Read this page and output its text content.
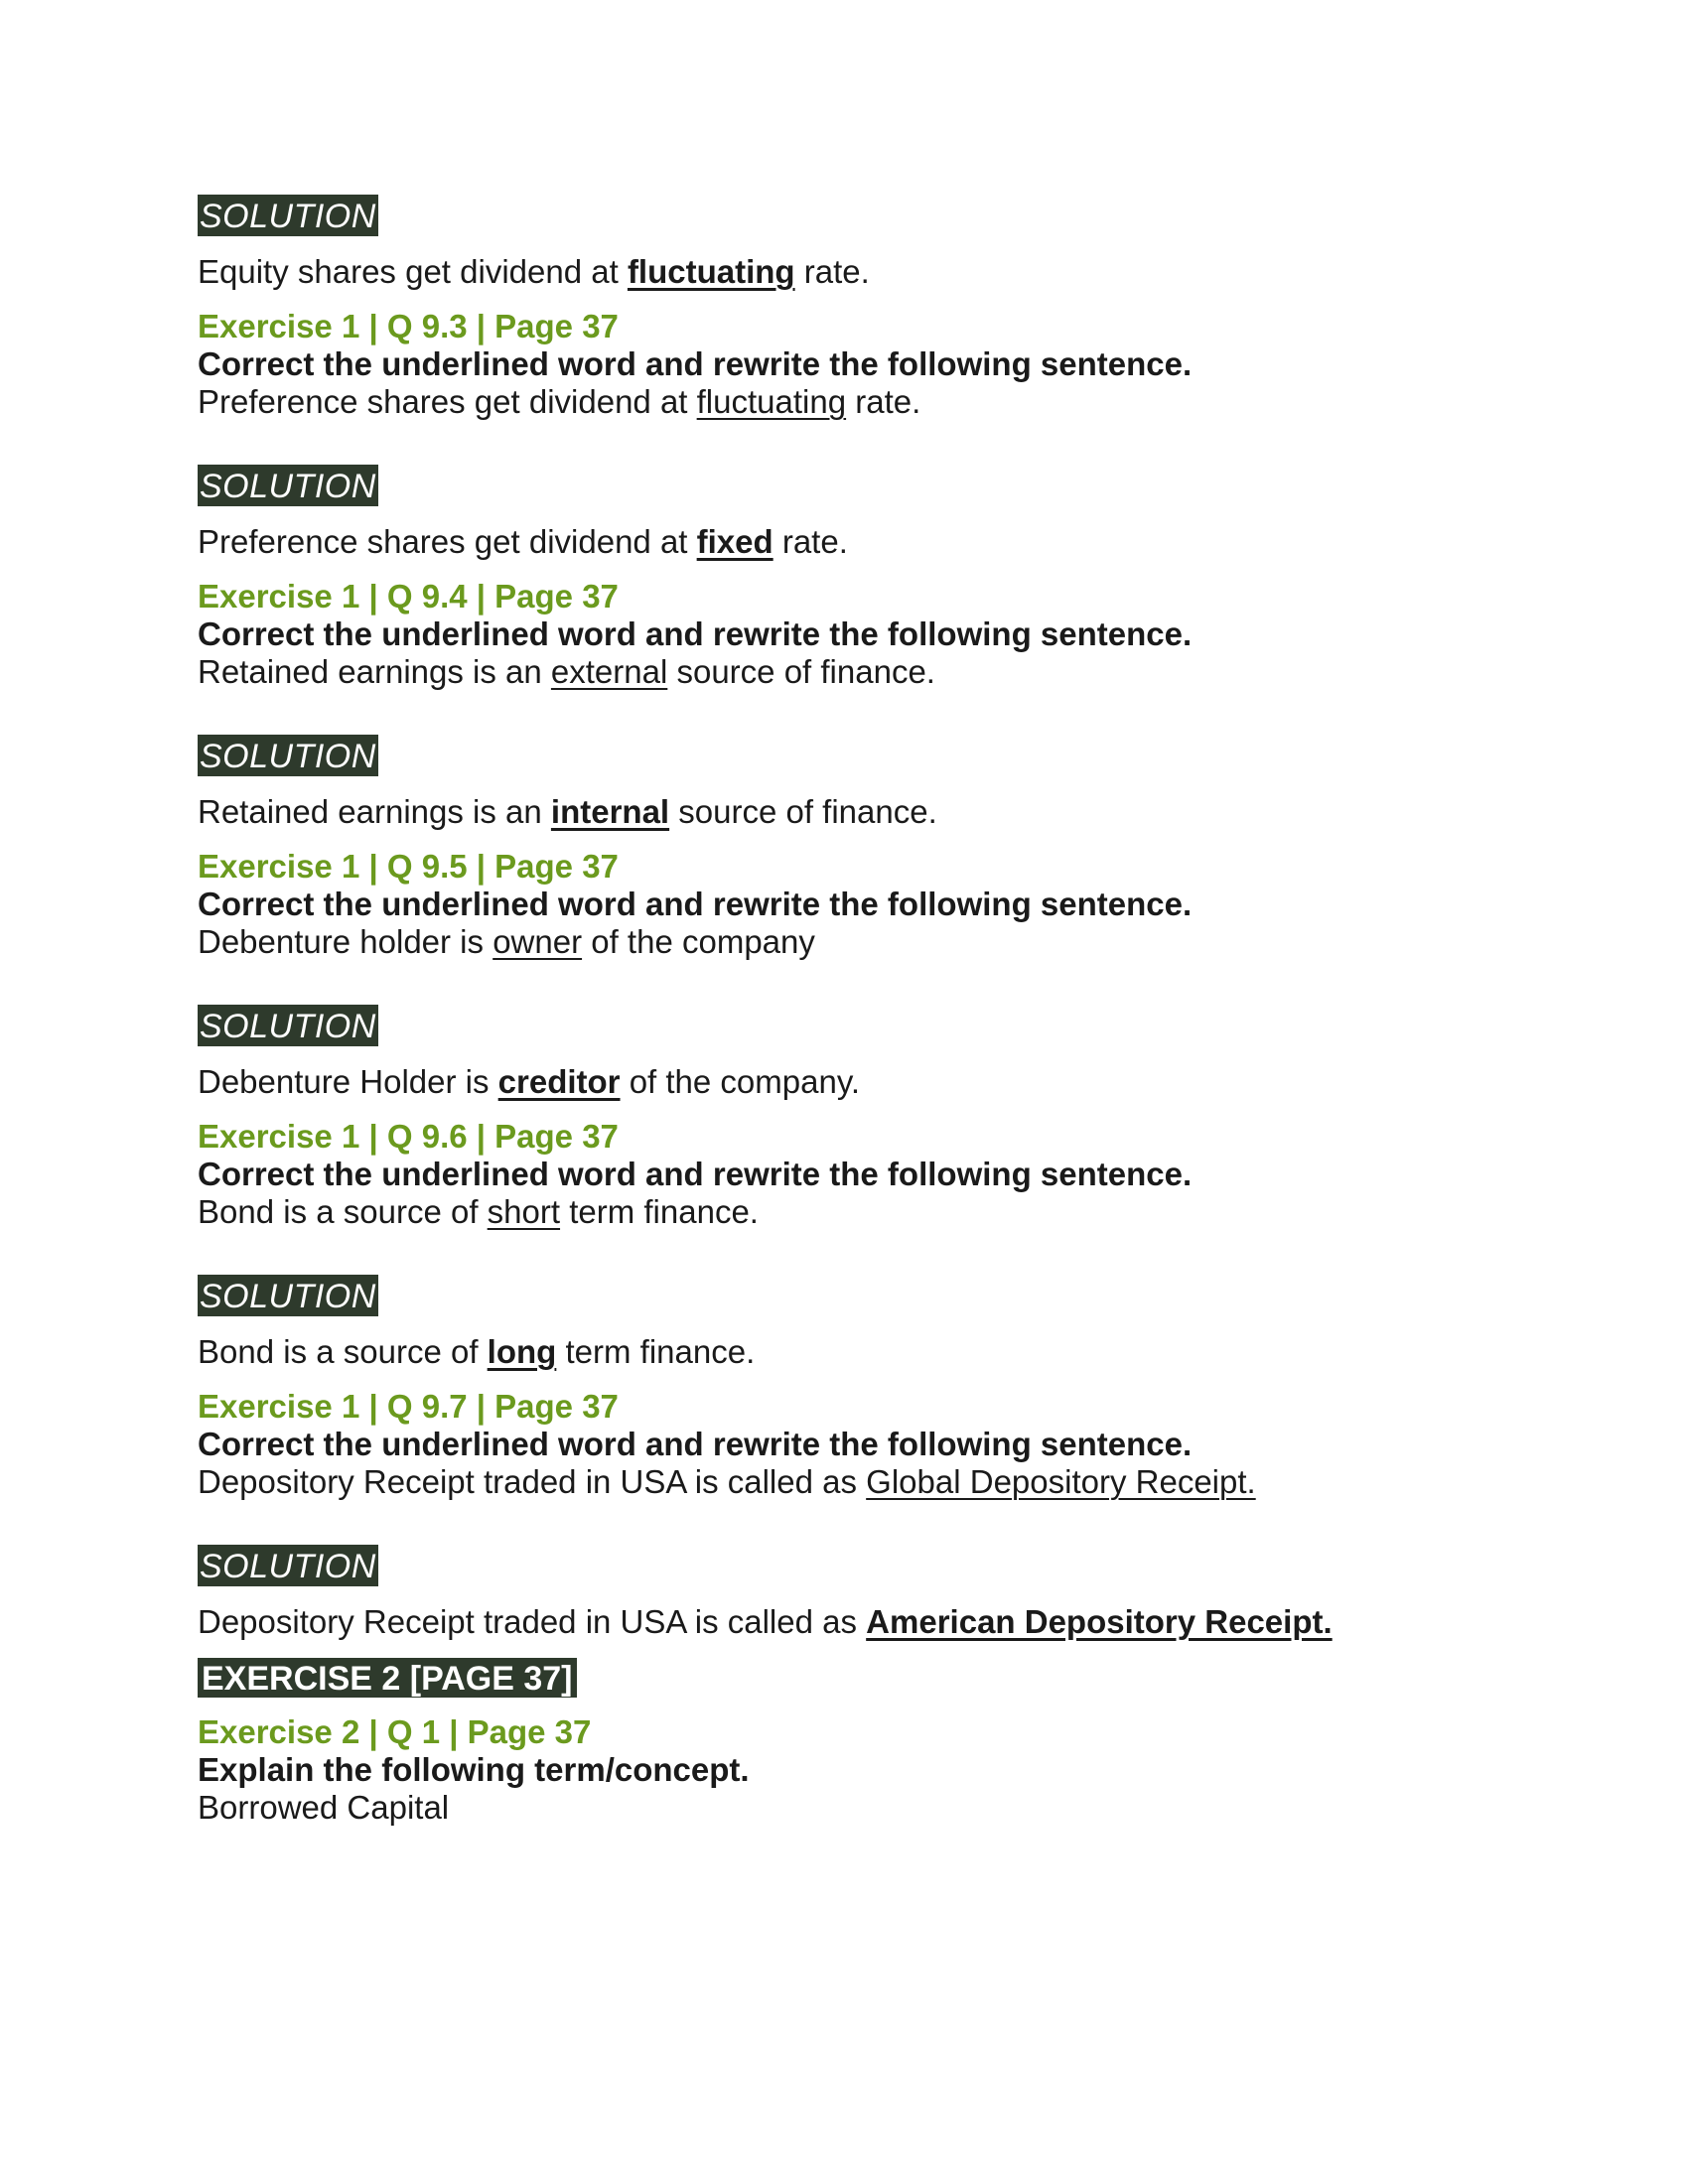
SOLUTION
Equity shares get dividend at fluctuating rate.
Exercise 1 | Q 9.3 | Page 37
Correct the underlined word and rewrite the following sentence.
Preference shares get dividend at fluctuating rate.
SOLUTION
Preference shares get dividend at fixed rate.
Exercise 1 | Q 9.4 | Page 37
Correct the underlined word and rewrite the following sentence.
Retained earnings is an external source of finance.
SOLUTION
Retained earnings is an internal source of finance.
Exercise 1 | Q 9.5 | Page 37
Correct the underlined word and rewrite the following sentence.
Debenture holder is owner of the company
SOLUTION
Debenture Holder is creditor of the company.
Exercise 1 | Q 9.6 | Page 37
Correct the underlined word and rewrite the following sentence.
Bond is a source of short term finance.
SOLUTION
Bond is a source of long term finance.
Exercise 1 | Q 9.7 | Page 37
Correct the underlined word and rewrite the following sentence.
Depository Receipt traded in USA is called as Global Depository Receipt.
SOLUTION
Depository Receipt traded in USA is called as American Depository Receipt.
EXERCISE 2 [PAGE 37]
Exercise 2 | Q 1 | Page 37
Explain the following term/concept.
Borrowed Capital
